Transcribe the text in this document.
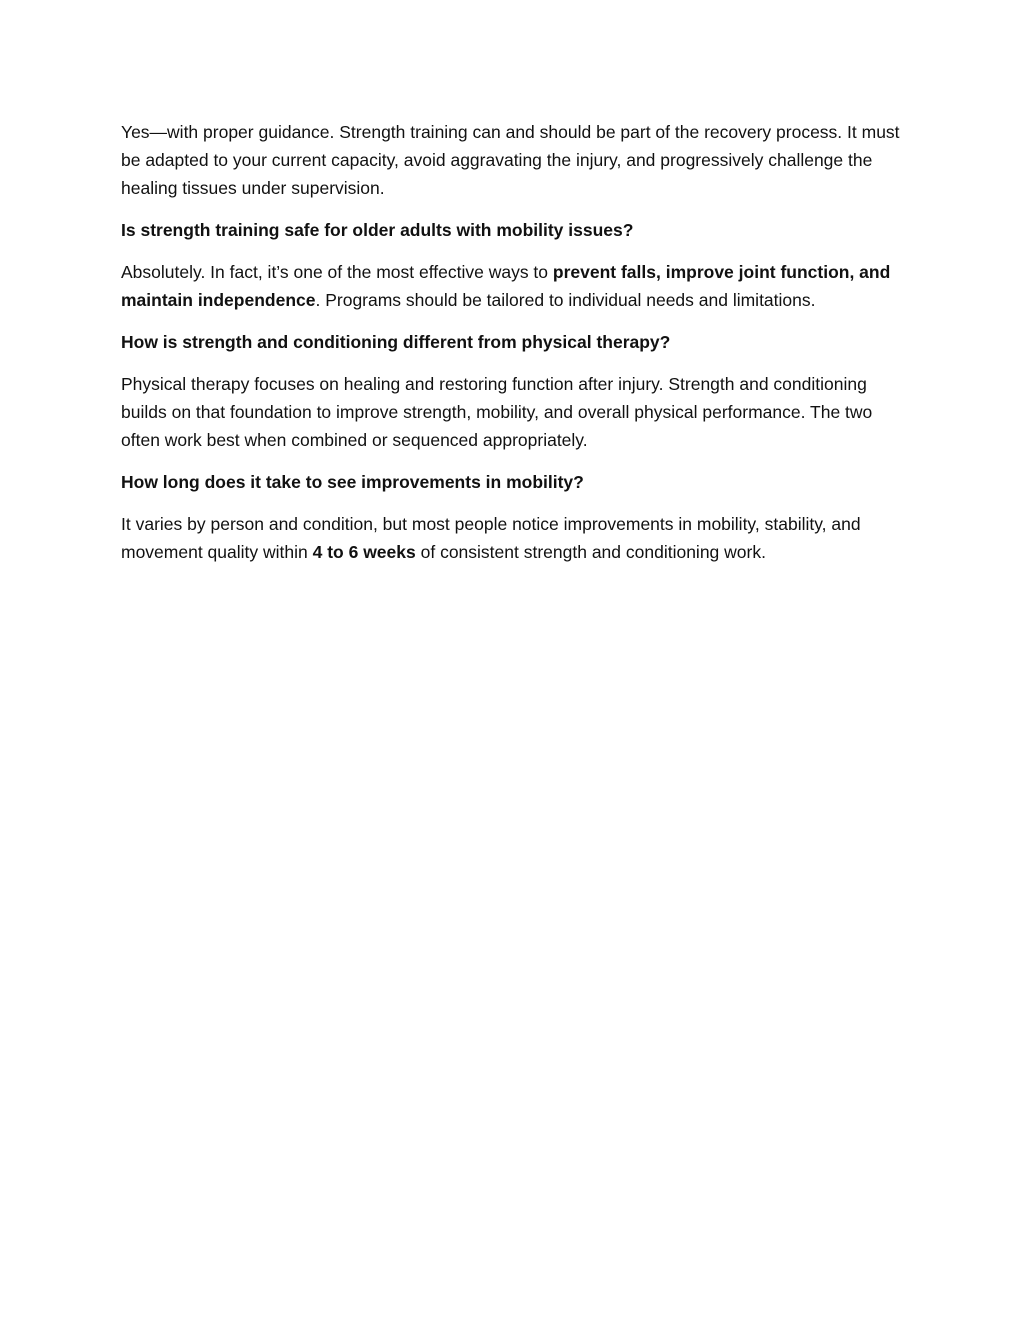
Yes—with proper guidance. Strength training can and should be part of the recovery process. It must be adapted to your current capacity, avoid aggravating the injury, and progressively challenge the healing tissues under supervision.

Is strength training safe for older adults with mobility issues?

Absolutely. In fact, it’s one of the most effective ways to prevent falls, improve joint function, and maintain independence. Programs should be tailored to individual needs and limitations.

How is strength and conditioning different from physical therapy?

Physical therapy focuses on healing and restoring function after injury. Strength and conditioning builds on that foundation to improve strength, mobility, and overall physical performance. The two often work best when combined or sequenced appropriately.

How long does it take to see improvements in mobility?

It varies by person and condition, but most people notice improvements in mobility, stability, and movement quality within 4 to 6 weeks of consistent strength and conditioning work.
